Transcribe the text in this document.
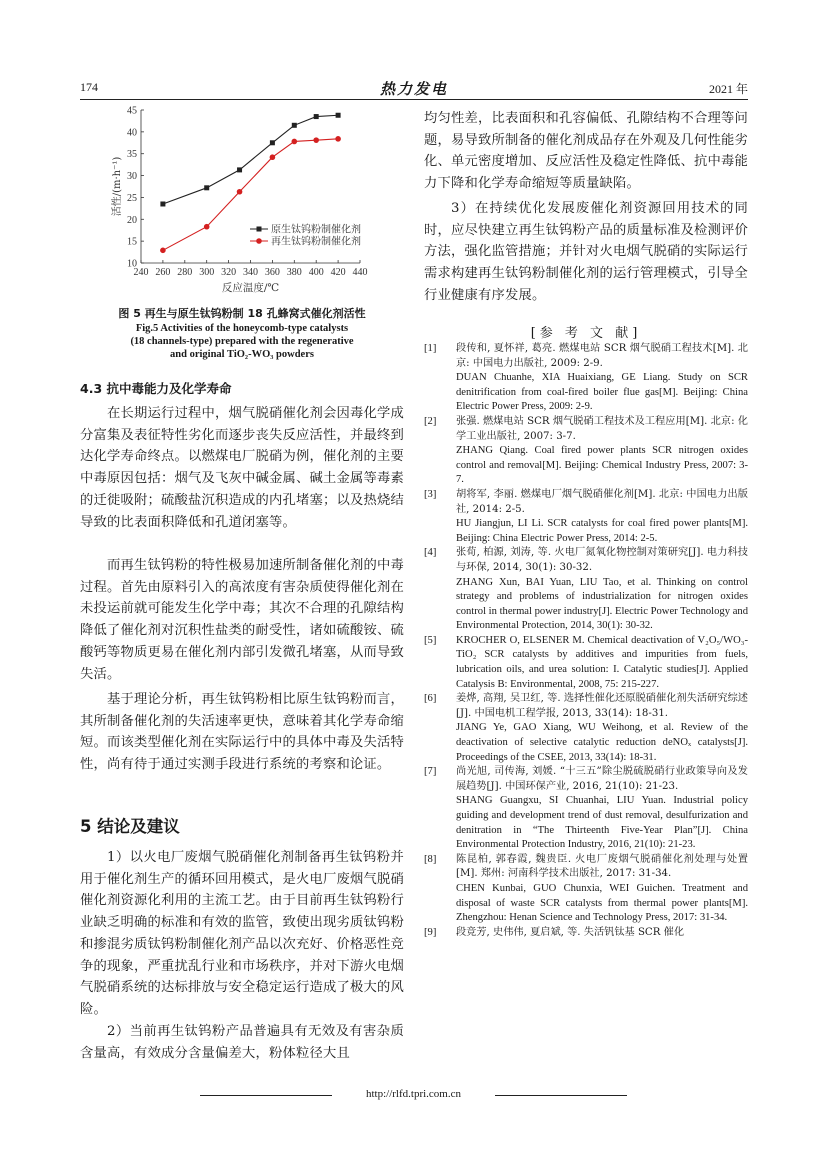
174	热力发电	2021 年
10
15
20
25
30
35
40
45
240 260 280 300 320 340 360 380 400 420 440
反应温度/℃
活性/(m·h⁻¹)
原生钛钨粉制催化剂
再生钛钨粉制催化剂
图 5 再生与原生钛钨粉制 18 孔蜂窝式催化剂活性
Fig.5 Activities of the honeycomb-type catalysts
(18 channels-type) prepared with the regenerative
and original TiO₂-WO₃ powders
4.3 抗中毒能力及化学寿命
在长期运行过程中，烟气脱硝催化剂会因毒化学成分富集及表征特性劣化而逐步丧失反应活性，并最终到达化学寿命终点。以燃煤电厂脱硝为例，催化剂的主要中毒原因包括：烟气及飞灰中碱金属、碱土金属等毒素的迁徙吸附；硫酸盐沉积造成的内孔堵塞；以及热烧结导致的比表面积降低和孔道闭塞等。
而再生钛钨粉的特性极易加速所制备催化剂的中毒过程。首先由原料引入的高浓度有害杂质使得催化剂在未投运前就可能发生化学中毒；其次不合理的孔隙结构降低了催化剂对沉积性盐类的耐受性，诸如硫酸铵、硫酸钙等物质更易在催化剂内部引发微孔堵塞，从而导致失活。
基于理论分析，再生钛钨粉相比原生钛钨粉而言，其所制备催化剂的失活速率更快，意味着其化学寿命缩短。而该类型催化剂在实际运行中的具体中毒及失活特性，尚有待于通过实测手段进行系统的考察和论证。
5 结论及建议
1）以火电厂废烟气脱硝催化剂制备再生钛钨粉并用于催化剂生产的循环回用模式，是火电厂废烟气脱硝催化剂资源化利用的主流工艺。由于目前再生钛钨粉行业缺乏明确的标准和有效的监管，致使出现劣质钛钨粉和掺混劣质钛钨粉制催化剂产品以次充好、价格恶性竞争的现象，严重扰乱行业和市场秩序，并对下游火电烟气脱硝系统的达标排放与安全稳定运行造成了极大的风险。
2）当前再生钛钨粉产品普遍具有无效及有害杂质含量高，有效成分含量偏差大，粉体粒径大且
均匀性差，比表面积和孔容偏低、孔隙结构不合理等问题，易导致所制备的催化剂成品存在外观及几何性能劣化、单元密度增加、反应活性及稳定性降低、抗中毒能力下降和化学寿命缩短等质量缺陷。
3）在持续优化发展废催化剂资源回用技术的同时，应尽快建立再生钛钨粉产品的质量标准及检测评价方法，强化监管措施；并针对火电烟气脱硝的实际运行需求构建再生钛钨粉制催化剂的运行管理模式，引导全行业健康有序发展。
[参 考 文 献]
[1] 段传和, 夏怀祥, 葛亮. 燃煤电站 SCR 烟气脱硝工程技术[M]. 北京: 中国电力出版社, 2009: 2-9.
DUAN Chuanhe, XIA Huaixiang, GE Liang. Study on SCR denitrification from coal-fired boiler flue gas[M]. Beijing: China Electric Power Press, 2009: 2-9.
[2] 张强. 燃煤电站 SCR 烟气脱硝工程技术及工程应用[M]. 北京: 化学工业出版社, 2007: 3-7.
ZHANG Qiang. Coal fired power plants SCR nitrogen oxides control and removal[M]. Beijing: Chemical Industry Press, 2007: 3-7.
[3] 胡将军, 李丽. 燃煤电厂烟气脱硝催化剂[M]. 北京: 中国电力出版社, 2014: 2-5.
HU Jiangjun, LI Li. SCR catalysts for coal fired power plants[M]. Beijing: China Electric Power Press, 2014: 2-5.
[4] 张荀, 柏源, 刘涛, 等. 火电厂氮氧化物控制对策研究[J]. 电力科技与环保, 2014, 30(1): 30-32.
ZHANG Xun, BAI Yuan, LIU Tao, et al. Thinking on control strategy and problems of industrialization for nitrogen oxides control in thermal power industry[J]. Electric Power Technology and Environmental Protection, 2014, 30(1): 30-32.
[5] KROCHER O, ELSENER M. Chemical deactivation of V₂O₅/WO₃-TiO₂ SCR catalysts by additives and impurities from fuels, lubrication oils, and urea solution: I. Catalytic studies[J]. Applied Catalysis B: Environmental, 2008, 75: 215-227.
[6] 姜烨, 高翔, 吴卫红, 等. 选择性催化还原脱硝催化剂失活研究综述[J]. 中国电机工程学报, 2013, 33(14): 18-31.
JIANG Ye, GAO Xiang, WU Weihong, et al. Review of the deactivation of selective catalytic reduction deNOₓ catalysts[J]. Proceedings of the CSEE, 2013, 33(14): 18-31.
[7] 尚光旭, 司传海, 刘媛. “十三五”除尘脱硫脱硝行业政策导向及发展趋势[J]. 中国环保产业, 2016, 21(10): 21-23.
SHANG Guangxu, SI Chuanhai, LIU Yuan. Industrial policy guiding and development trend of dust removal, desulfurization and denitration in “The Thirteenth Five-Year Plan”[J]. China Environmental Protection Industry, 2016, 21(10): 21-23.
[8] 陈昆柏, 郭春霞, 魏贵臣. 火电厂废烟气脱硝催化剂处理与处置[M]. 郑州: 河南科学技术出版社, 2017: 31-34.
CHEN Kunbai, GUO Chunxia, WEI Guichen. Treatment and disposal of waste SCR catalysts from thermal power plants[M]. Zhengzhou: Henan Science and Technology Press, 2017: 31-34.
[9] 段竞芳, 史伟伟, 夏启斌, 等. 失活钒钛基 SCR 催化
http://rlfd.tpri.com.cn
